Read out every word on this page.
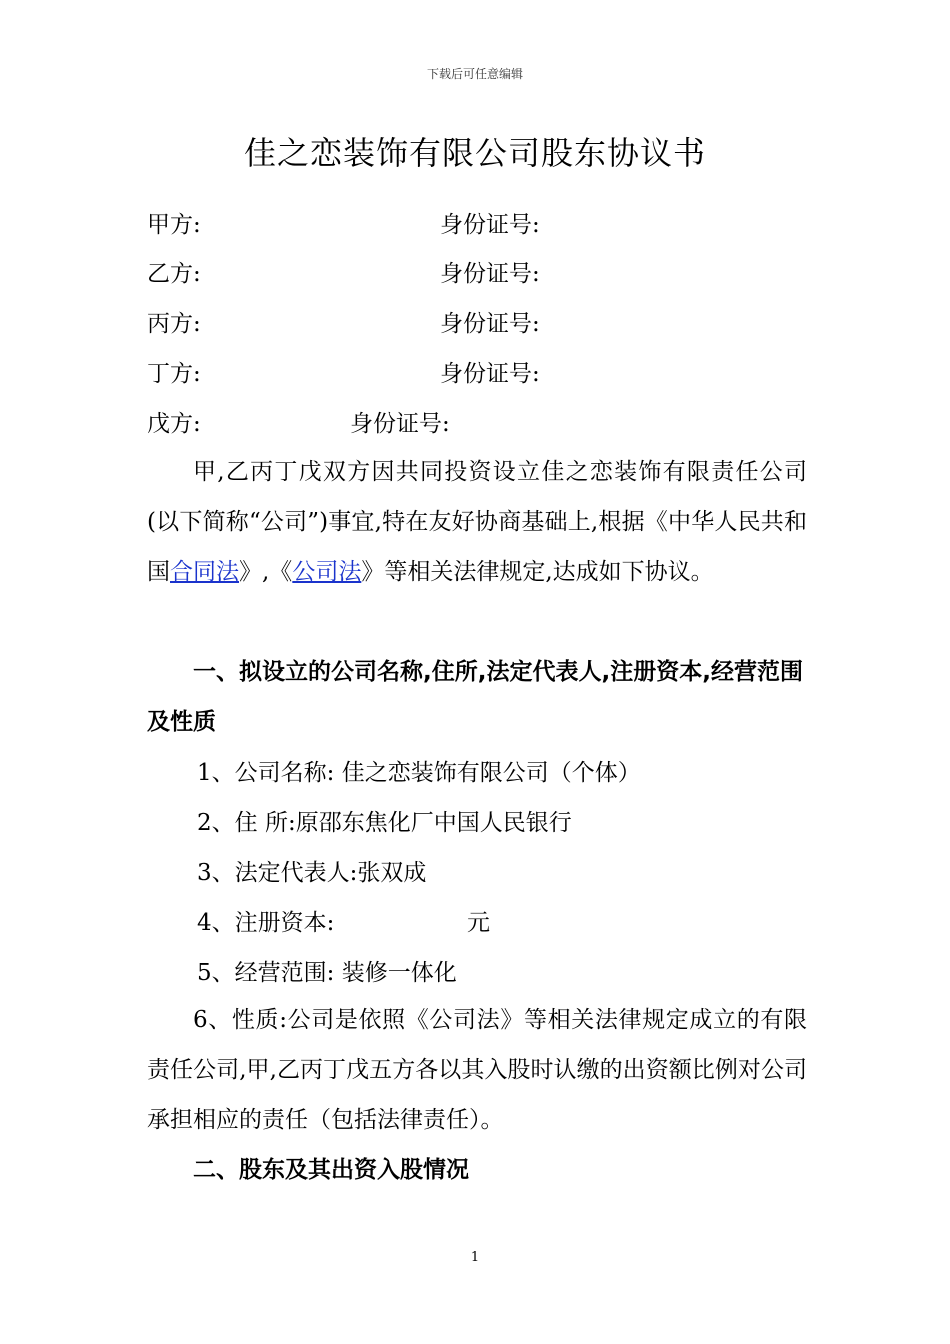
下载后可任意编辑
佳之恋装饰有限公司股东协议书
甲方:	身份证号:
乙方:	身份证号:
丙方:	身份证号:
丁方:	身份证号:
戊方:	身份证号:
甲,乙丙丁戊双方因共同投资设立佳之恋装饰有限责任公司(以下简称“公司”)事宜,特在友好协商基础上,根据《中华人民共和国合同法》,《公司法》等相关法律规定,达成如下协议。
一、拟设立的公司名称,住所,法定代表人,注册资本,经营范围及性质
1、公司名称: 佳之恋装饰有限公司（个体）
2、住 所:原邵东焦化厂中国人民银行
3、法定代表人:张双成
4、注册资本:	元
5、经营范围: 装修一体化
6、性质:公司是依照《公司法》等相关法律规定成立的有限责任公司,甲,乙丙丁戊五方各以其入股时认缴的出资额比例对公司承担相应的责任（包括法律责任）。
二、股东及其出资入股情况
1
